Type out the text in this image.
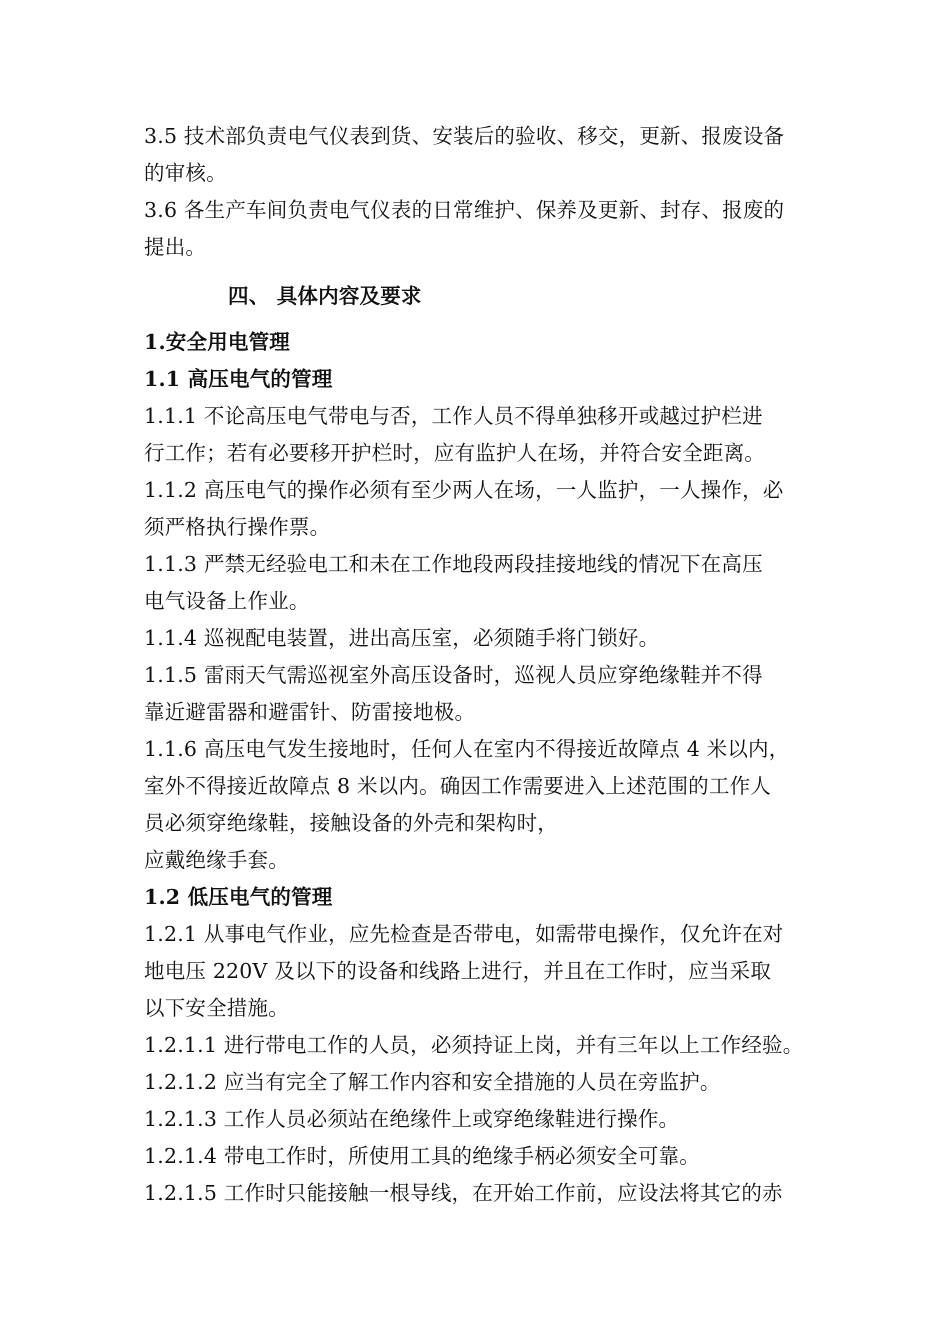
3.5 技术部负责电气仪表到货、安装后的验收、移交，更新、报废设备
的审核。
3.6 各生产车间负责电气仪表的日常维护、保养及更新、封存、报废的
提出。
四、 具体内容及要求
1.安全用电管理
1.1 高压电气的管理
1.1.1 不论高压电气带电与否，工作人员不得单独移开或越过护栏进
行工作；若有必要移开护栏时，应有监护人在场，并符合安全距离。
1.1.2 高压电气的操作必须有至少两人在场，一人监护，一人操作，必
须严格执行操作票。
1.1.3 严禁无经验电工和未在工作地段两段挂接地线的情况下在高压
电气设备上作业。
1.1.4 巡视配电装置，进出高压室，必须随手将门锁好。
1.1.5 雷雨天气需巡视室外高压设备时，巡视人员应穿绝缘鞋并不得
靠近避雷器和避雷针、防雷接地极。
1.1.6 高压电气发生接地时，任何人在室内不得接近故障点 4 米以内，
室外不得接近故障点 8 米以内。确因工作需要进入上述范围的工作人
员必须穿绝缘鞋，接触设备的外壳和架构时，
应戴绝缘手套。
1.2 低压电气的管理
1.2.1 从事电气作业，应先检查是否带电，如需带电操作，仅允许在对
地电压 220V 及以下的设备和线路上进行，并且在工作时，应当采取
以下安全措施。
1.2.1.1 进行带电工作的人员，必须持证上岗，并有三年以上工作经验。
1.2.1.2 应当有完全了解工作内容和安全措施的人员在旁监护。
1.2.1.3 工作人员必须站在绝缘件上或穿绝缘鞋进行操作。
1.2.1.4 带电工作时，所使用工具的绝缘手柄必须安全可靠。
1.2.1.5 工作时只能接触一根导线，在开始工作前，应设法将其它的赤
